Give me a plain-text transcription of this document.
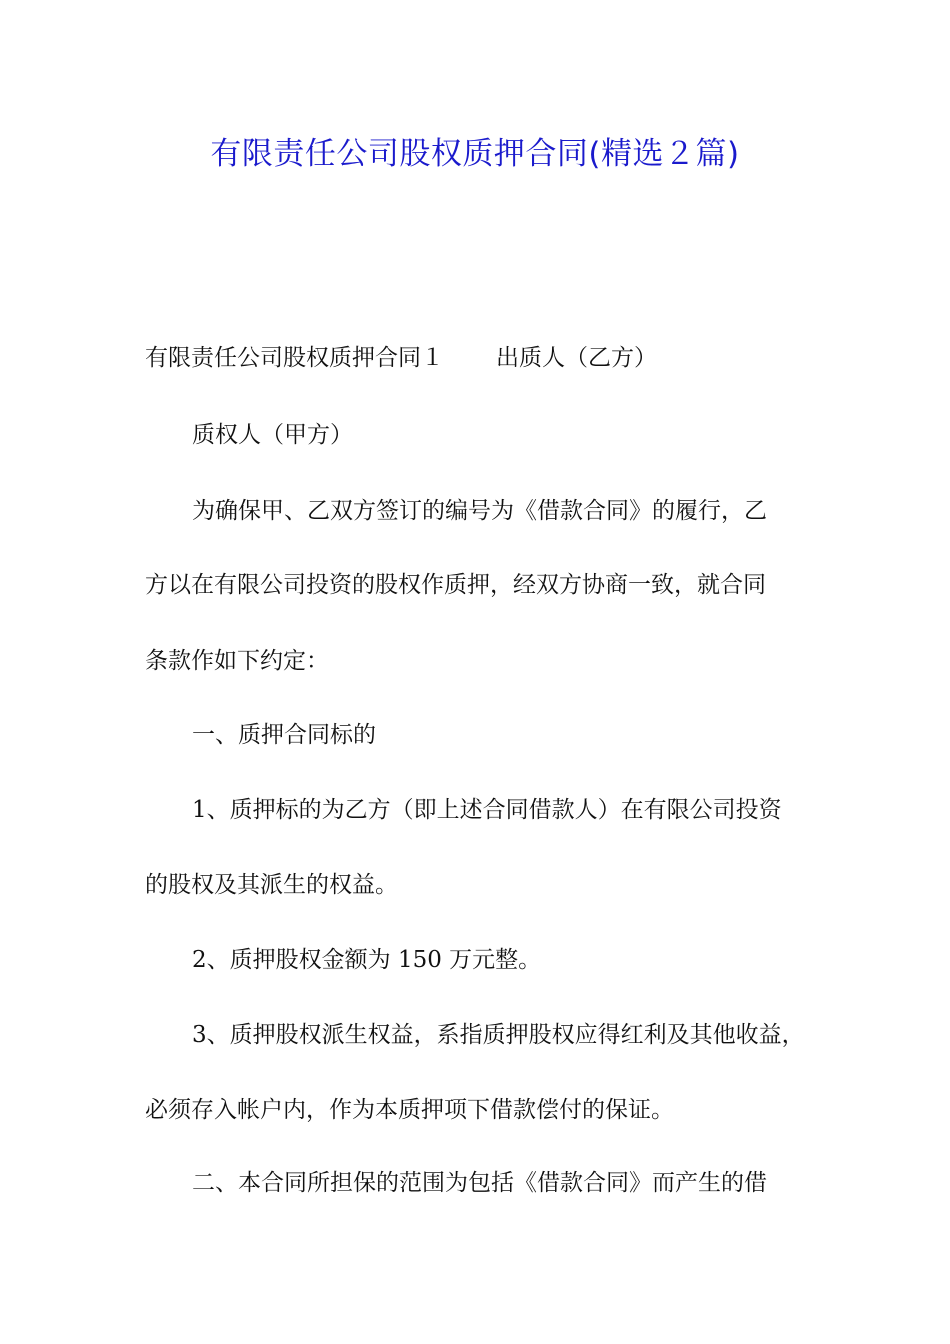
有限责任公司股权质押合同(精选２篇)

有限责任公司股权质押合同１ 出质人（乙方）

质权人（甲方）

为确保甲、乙双方签订的编号为《借款合同》的履行，乙

方以在有限公司投资的股权作质押，经双方协商一致，就合同

条款作如下约定：

一、质押合同标的

1、质押标的为乙方（即上述合同借款人）在有限公司投资

的股权及其派生的权益。

2、质押股权金额为 150 万元整。

3、质押股权派生权益，系指质押股权应得红利及其他收益，

必须存入帐户内，作为本质押项下借款偿付的保证。

二、本合同所担保的范围为包括《借款合同》而产生的借
